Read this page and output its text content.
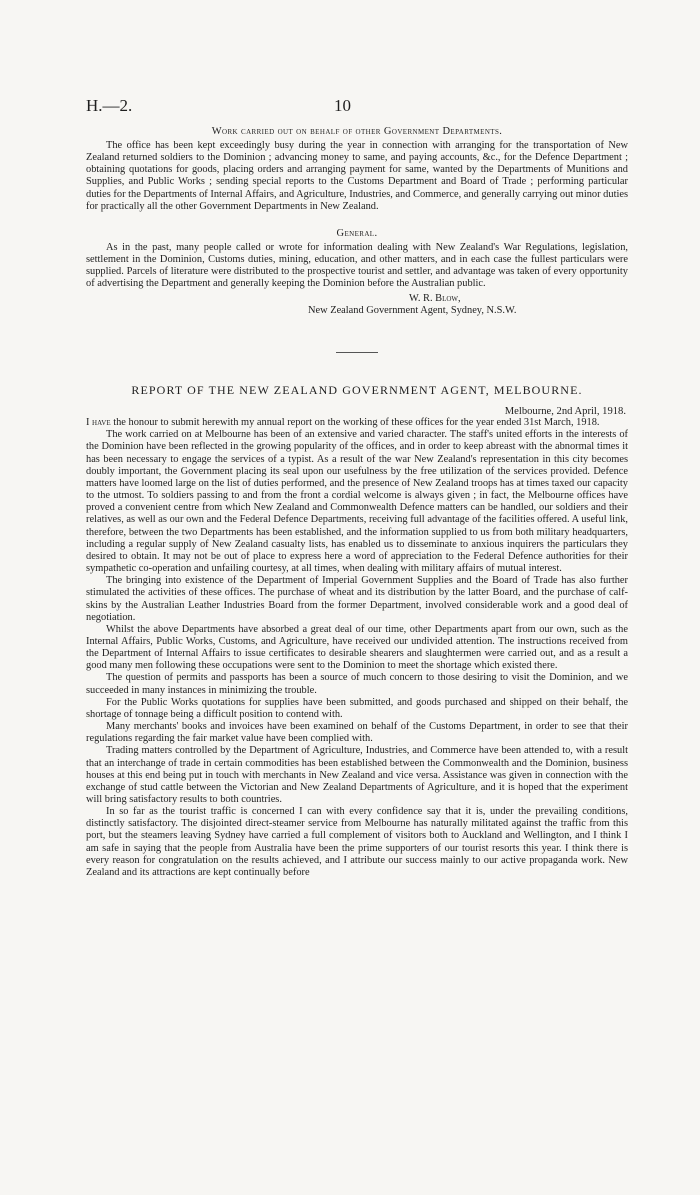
H.—2.	10
Work carried out on behalf of other Government Departments.

The office has been kept exceedingly busy during the year in connection with arranging for the transportation of New Zealand returned soldiers to the Dominion ; advancing money to same, and paying accounts, &c., for the Defence Department ; obtaining quotations for goods, placing orders and arranging payment for same, wanted by the Departments of Munitions and Supplies, and Public Works ; sending special reports to the Customs Department and Board of Trade ; performing particular duties for the Departments of Internal Affairs, and Agriculture, Industries, and Commerce, and generally carrying out minor duties for practically all the other Government Departments in New Zealand.

General.

As in the past, many people called or wrote for information dealing with New Zealand's War Regulations, legislation, settlement in the Dominion, Customs duties, mining, education, and other matters, and in each case the fullest particulars were supplied. Parcels of literature were distributed to the prospective tourist and settler, and advantage was taken of every opportunity of advertising the Department and generally keeping the Dominion before the Australian public.

W. R. Blow,
New Zealand Government Agent, Sydney, N.S.W.
REPORT OF THE NEW ZEALAND GOVERNMENT AGENT, MELBOURNE.
Melbourne, 2nd April, 1918.

I have the honour to submit herewith my annual report on the working of these offices for the year ended 31st March, 1918.

The work carried on at Melbourne has been of an extensive and varied character. The staff's united efforts in the interests of the Dominion have been reflected in the growing popularity of the offices, and in order to keep abreast with the abnormal times it has been necessary to engage the services of a typist. As a result of the war New Zealand's representation in this city becomes doubly important, the Government placing its seal upon our usefulness by the free utilization of the services provided. Defence matters have loomed large on the list of duties performed, and the presence of New Zealand troops has at times taxed our capacity to the utmost. To soldiers passing to and from the front a cordial welcome is always given ; in fact, the Melbourne offices have proved a convenient centre from which New Zealand and Commonwealth Defence matters can be handled, our soldiers and their relatives, as well as our own and the Federal Defence Departments, receiving full advantage of the facilities offered. A useful link, therefore, between the two Departments has been established, and the information supplied to us from both military headquarters, including a regular supply of New Zealand casualty lists, has enabled us to disseminate to anxious inquirers the particulars they desired to obtain. It may not be out of place to express here a word of appreciation to the Federal Defence authorities for their sympathetic co-operation and unfailing courtesy, at all times, when dealing with military affairs of mutual interest.

The bringing into existence of the Department of Imperial Government Supplies and the Board of Trade has also further stimulated the activities of these offices. The purchase of wheat and its distribution by the latter Board, and the purchase of calf-skins by the Australian Leather Industries Board from the former Department, involved considerable work and a good deal of negotiation.

Whilst the above Departments have absorbed a great deal of our time, other Departments apart from our own, such as the Internal Affairs, Public Works, Customs, and Agriculture, have received our undivided attention. The instructions received from the Department of Internal Affairs to issue certificates to desirable shearers and slaughtermen were carried out, and as a result a good many men following these occupations were sent to the Dominion to meet the shortage which existed there.

The question of permits and passports has been a source of much concern to those desiring to visit the Dominion, and we succeeded in many instances in minimizing the trouble.

For the Public Works quotations for supplies have been submitted, and goods purchased and shipped on their behalf, the shortage of tonnage being a difficult position to contend with.

Many merchants' books and invoices have been examined on behalf of the Customs Department, in order to see that their regulations regarding the fair market value have been complied with.

Trading matters controlled by the Department of Agriculture, Industries, and Commerce have been attended to, with a result that an interchange of trade in certain commodities has been established between the Commonwealth and the Dominion, business houses at this end being put in touch with merchants in New Zealand and vice versa. Assistance was given in connection with the exchange of stud cattle between the Victorian and New Zealand Departments of Agriculture, and it is hoped that the experiment will bring satisfactory results to both countries.

In so far as the tourist traffic is concerned I can with every confidence say that it is, under the prevailing conditions, distinctly satisfactory. The disjointed direct-steamer service from Melbourne has naturally militated against the traffic from this port, but the steamers leaving Sydney have carried a full complement of visitors both to Auckland and Wellington, and I think I am safe in saying that the people from Australia have been the prime supporters of our tourist resorts this year. I think there is every reason for congratulation on the results achieved, and I attribute our success mainly to our active propaganda work. New Zealand and its attractions are kept continually before
